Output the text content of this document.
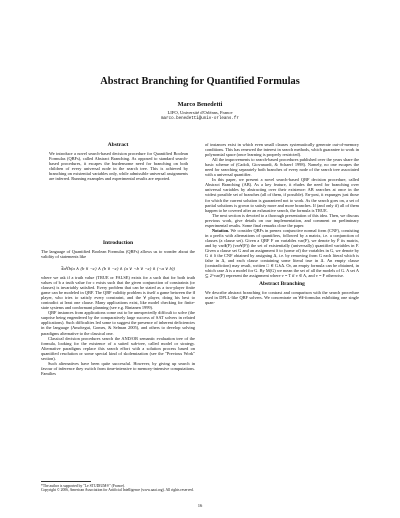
Abstract Branching for Quantified Formulas
Marco Benedetti
LIFO, Université d'Orléans, France
marco.benedetti@univ-orleans.fr
Abstract

We introduce a novel search-based decision procedure for Quantified Boolean Formulas (QBFs), called Abstract Branching. As opposed to standard search-based procedures, it escapes the burdensome need for branching on both children of every universal node in the search tree. This is achieved by branching on existential variables only, while admissible universal assignments are inferred. Running examples and experimental results are reported.

Introduction

The language of Quantified Boolean Formulas (QBFs) allows us to wonder about the validity of statements like

∃a∀b(a ∧ (b ∨ ¬c) ∧ (b ∨ ¬c) ∧ (a ∨ ¬b ∨ ¬c) ∧ (¬a ∨ b))

where we ask if a truth value (TRUE or FALSE) exists for a such that for both truth values of b a truth value for c exists such that the given conjunction of constraints (or clauses) is invariably satisfied. Every problem that can be stated as a two-player finite game can be modeled in QBF. The QBF validity problem is itself a game between the ∃ player, who tries to satisfy every constraint, and the ∀ player, doing his best to contradict at least one clause. Many applications exist, like model checking for finite-state systems and conformant planning (see e.g. Rintanen 1999).

QBF instances from applications come out to be unexpectedly difficult to solve (the surprise being engendered by the comparatively large success of SAT solvers in related applications). Such difficulties led some to suggest the presence of inherent deficiencies in the language (Ansótegui, Gomes, & Selman 2005), and others to develop solving paradigms alternative to the classical one.

Classical decision procedures search the AND/OR semantic evaluation tree of the formula, looking for the existence of a suited sub-tree, called model or strategy. Alternative paradigms replace this search effort with a solution process based on quantified resolution or some special kind of skolemization (see the "Previous Work" section).

Such alternatives have been quite successful. However, by giving up search in favour of inference they switch from time-intensive to memory-intensive computations. Families

*The author is supported by "Le STUDIUM®" (France).
Copyright © 2006, American Association for Artificial Intelligence (www.aaai.org). All rights reserved.

of instances exist in which even small clauses systematically generate out-of-memory conditions. This has renewed the interest in search methods, which guarantee to work in polynomial space (once learning is properly restricted).

All the improvements to search-based procedures published over the years share the basic scheme of (Cadoli, Giovanardi, & Schaerf 1998). Namely, no one escapes the need for searching separately both branches of every node of the search tree associated with a universal quantifier.

In this paper, we present a novel search-based QBF decision procedure, called Abstract Branching (AB). As a key feature, it eludes the need for branching over universal variables by abstracting over their existence: AB searches at once in the widest possible set of branches (all of them, if possible). En-post, it expunges just those for which the current solution is guaranteed not to work. As the search goes on, a set of partial solutions is grown to satisfy more and more branches. If (and only if) all of them happen to be covered after an exhaustive search, the formula is TRUE.

The next section is devoted to a thorough presentation of this idea. Then, we discuss previous work, give details on our implementation, and comment on preliminary experimental results. Some final remarks close the paper.

Notation. We consider QBFs in prenex conjunctive normal form (CNF), consisting in a prefix with alternations of quantifiers, followed by a matrix, i.e. a conjunction of clauses (a clause set). Given a QBF F on variables var(F), we denote by F̄ its matrix, and by var∃(F) (var∀(F)) the set of existentially (universally) quantified variables in F. Given a clause set G and an assignment δ to (some of) the variables in G, we denote by G ∧ δ the CNF obtained by assigning Δ, i.e. by removing from G each literal which is false in Δ, and each clause containing some literal true in Δ. An empty clause (contradiction) may result, written □ ∈ G∧Δ. Or, an empty formula can be obtained, in which case Δ is a model for G. By M(G) we mean the set of all the models of G. A set A ⊆ 2^var(F) represent the assignment where v = T if v ∈ A, and v = F otherwise.

Abstract Branching

We describe abstract branching for contrast and comparison with the search procedure used in DPLL-like QBF solvers. We concentrate on ∀∃-formulas exhibiting one single quan-

16
